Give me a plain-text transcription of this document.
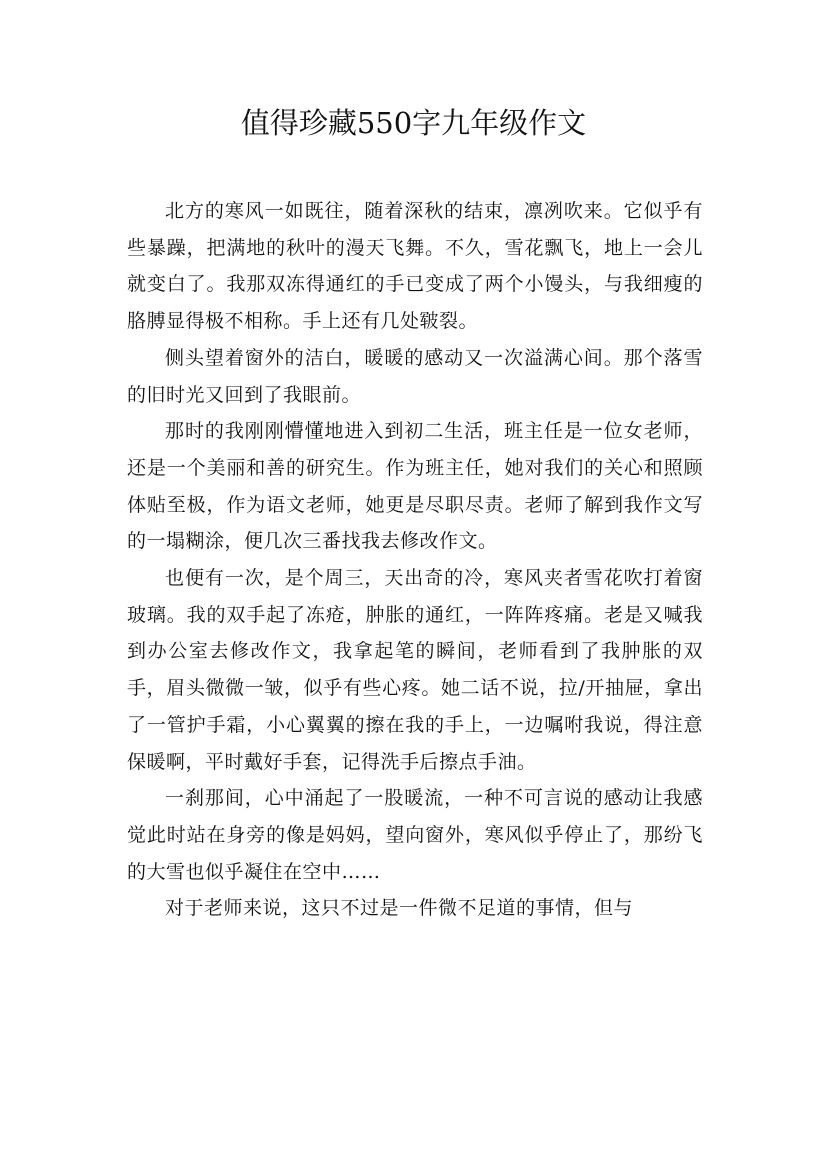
值得珍藏550字九年级作文

北方的寒风一如既往，随着深秋的结束，凛冽吹来。它似乎有些暴躁，把满地的秋叶的漫天飞舞。不久，雪花飘飞，地上一会儿就变白了。我那双冻得通红的手已变成了两个小馒头，与我细瘦的胳膊显得极不相称。手上还有几处皲裂。

侧头望着窗外的洁白，暖暖的感动又一次溢满心间。那个落雪的旧时光又回到了我眼前。

那时的我刚刚懵懂地进入到初二生活，班主任是一位女老师，还是一个美丽和善的研究生。作为班主任，她对我们的关心和照顾体贴至极，作为语文老师，她更是尽职尽责。老师了解到我作文写的一塌糊涂，便几次三番找我去修改作文。

也便有一次，是个周三，天出奇的冷，寒风夹者雪花吹打着窗玻璃。我的双手起了冻疮，肿胀的通红，一阵阵疼痛。老是又喊我到办公室去修改作文，我拿起笔的瞬间，老师看到了我肿胀的双手，眉头微微一皱，似乎有些心疼。她二话不说，拉/开抽屉，拿出了一管护手霜，小心翼翼的擦在我的手上，一边嘱咐我说，得注意保暖啊，平时戴好手套，记得洗手后擦点手油。

一刹那间，心中涌起了一股暖流，一种不可言说的感动让我感觉此时站在身旁的像是妈妈，望向窗外，寒风似乎停止了，那纷飞的大雪也似乎凝住在空中……

对于老师来说，这只不过是一件微不足道的事情，但与
